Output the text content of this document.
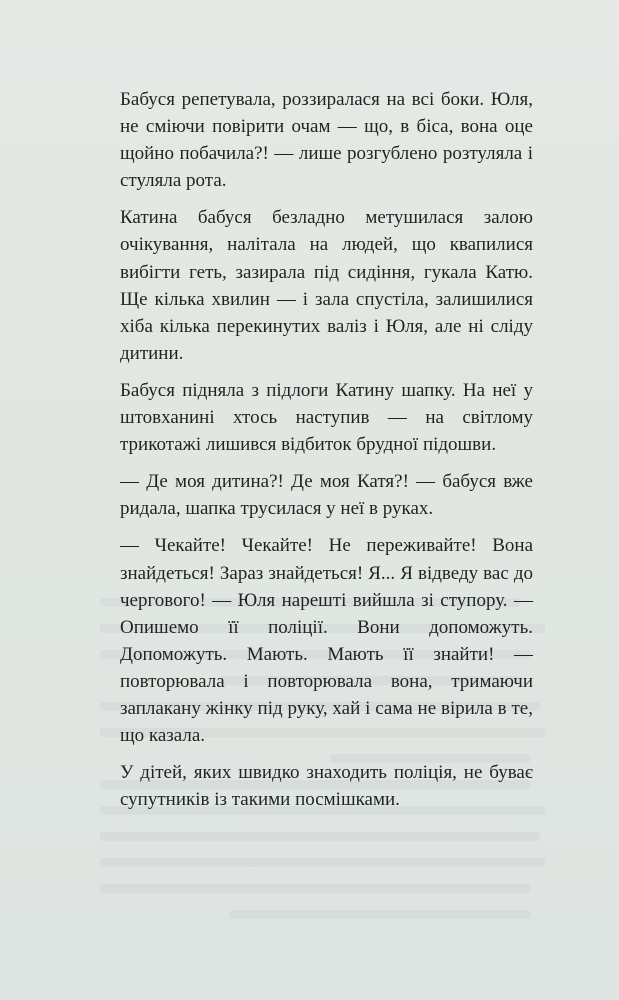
Бабуся репетувала, роззиралася на всі боки. Юля, не сміючи повірити очам — що, в біса, вона оце щойно побачила?! — лише розгублено розтуляла і стуляла рота.

Катина бабуся безладно метушилася залою очікування, налітала на людей, що квапилися вибігти геть, зазирала під сидіння, гукала Катю. Ще кілька хвилин — і зала спустіла, залишилися хіба кілька перекинутих валіз і Юля, але ні сліду дитини.

Бабуся підняла з підлоги Катину шапку. На неї у штовханині хтось наступив — на світлому трикотажі лишився відбиток брудної підошви.

— Де моя дитина?! Де моя Катя?! — бабуся вже ридала, шапка трусилася у неї в руках.

— Чекайте! Чекайте! Не переживайте! Вона знайдеться! Зараз знайдеться! Я... Я відведу вас до чергового! — Юля нарешті вийшла зі ступору. — Опишемо її поліції. Вони допоможуть. Допоможуть. Мають. Мають її знайти! — повторювала і повторювала вона, тримаючи заплакану жінку під руку, хай і сама не вірила в те, що казала.

У дітей, яких швидко знаходить поліція, не буває супутників із такими посмішками.
